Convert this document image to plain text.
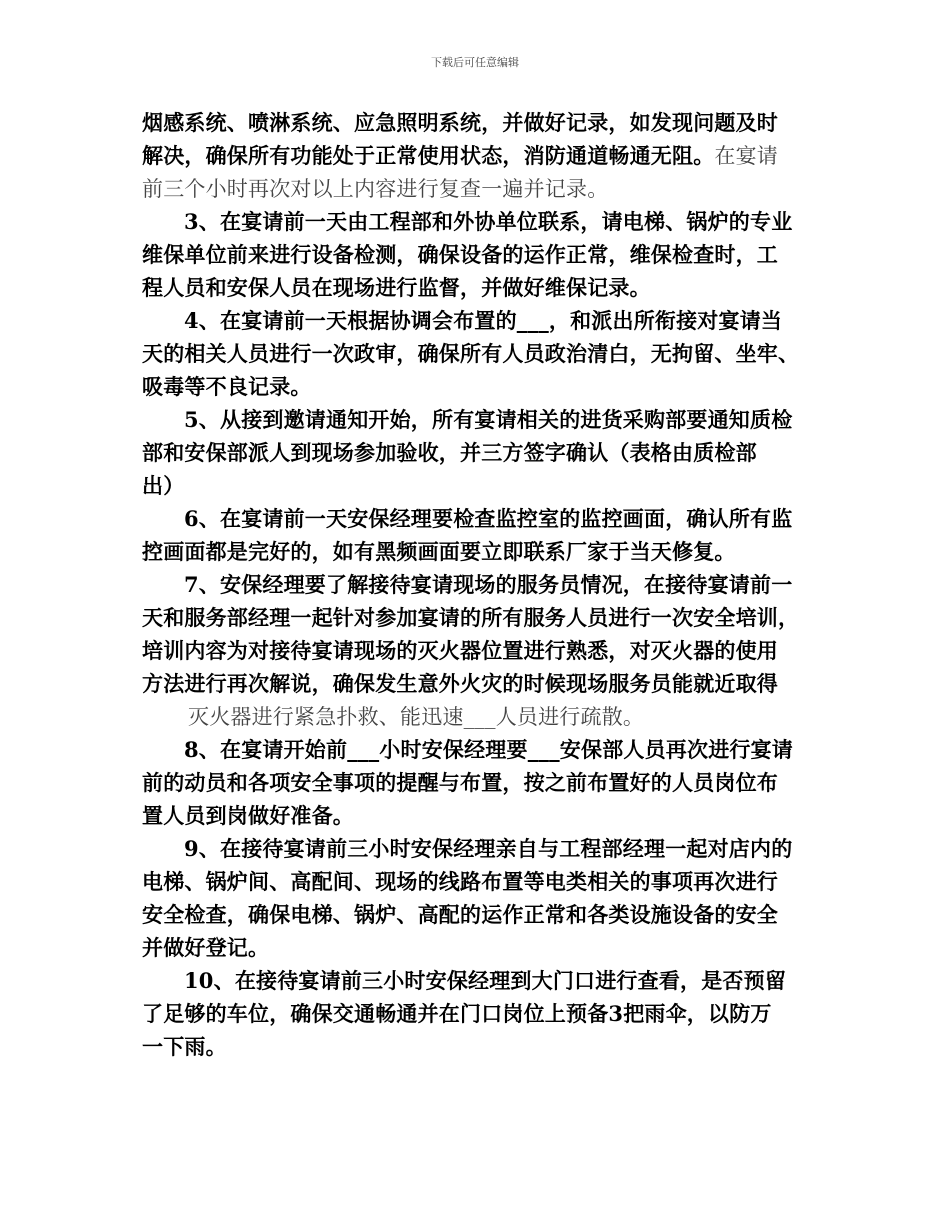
下载后可任意编辑
烟感系统、喷淋系统、应急照明系统，并做好记录，如发现问题及时
解决，确保所有功能处于正常使用状态，消防通道畅通无阻。在宴请
前三个小时再次对以上内容进行复查一遍并记录。
3、在宴请前一天由工程部和外协单位联系，请电梯、锅炉的专业
维保单位前来进行设备检测，确保设备的运作正常，维保检查时，工
程人员和安保人员在现场进行监督，并做好维保记录。
4、在宴请前一天根据协调会布置的___，和派出所衔接对宴请当
天的相关人员进行一次政审，确保所有人员政治清白，无拘留、坐牢、
吸毒等不良记录。
5、从接到邀请通知开始，所有宴请相关的进货采购部要通知质检
部和安保部派人到现场参加验收，并三方签字确认（表格由质检部
出）
6、在宴请前一天安保经理要检查监控室的监控画面，确认所有监
控画面都是完好的，如有黑频画面要立即联系厂家于当天修复。
7、安保经理要了解接待宴请现场的服务员情况，在接待宴请前一
天和服务部经理一起针对参加宴请的所有服务人员进行一次安全培训，
培训内容为对接待宴请现场的灭火器位置进行熟悉，对灭火器的使用
方法进行再次解说，确保发生意外火灾的时候现场服务员能就近取得
灭火器进行紧急扑救、能迅速___人员进行疏散。
8、在宴请开始前___小时安保经理要___安保部人员再次进行宴请
前的动员和各项安全事项的提醒与布置，按之前布置好的人员岗位布
置人员到岗做好准备。
9、在接待宴请前三小时安保经理亲自与工程部经理一起对店内的
电梯、锅炉间、高配间、现场的线路布置等电类相关的事项再次进行
安全检查，确保电梯、锅炉、高配的运作正常和各类设施设备的安全
并做好登记。
10、在接待宴请前三小时安保经理到大门口进行查看，是否预留
了足够的车位，确保交通畅通并在门口岗位上预备3把雨伞，以防万
一下雨。
